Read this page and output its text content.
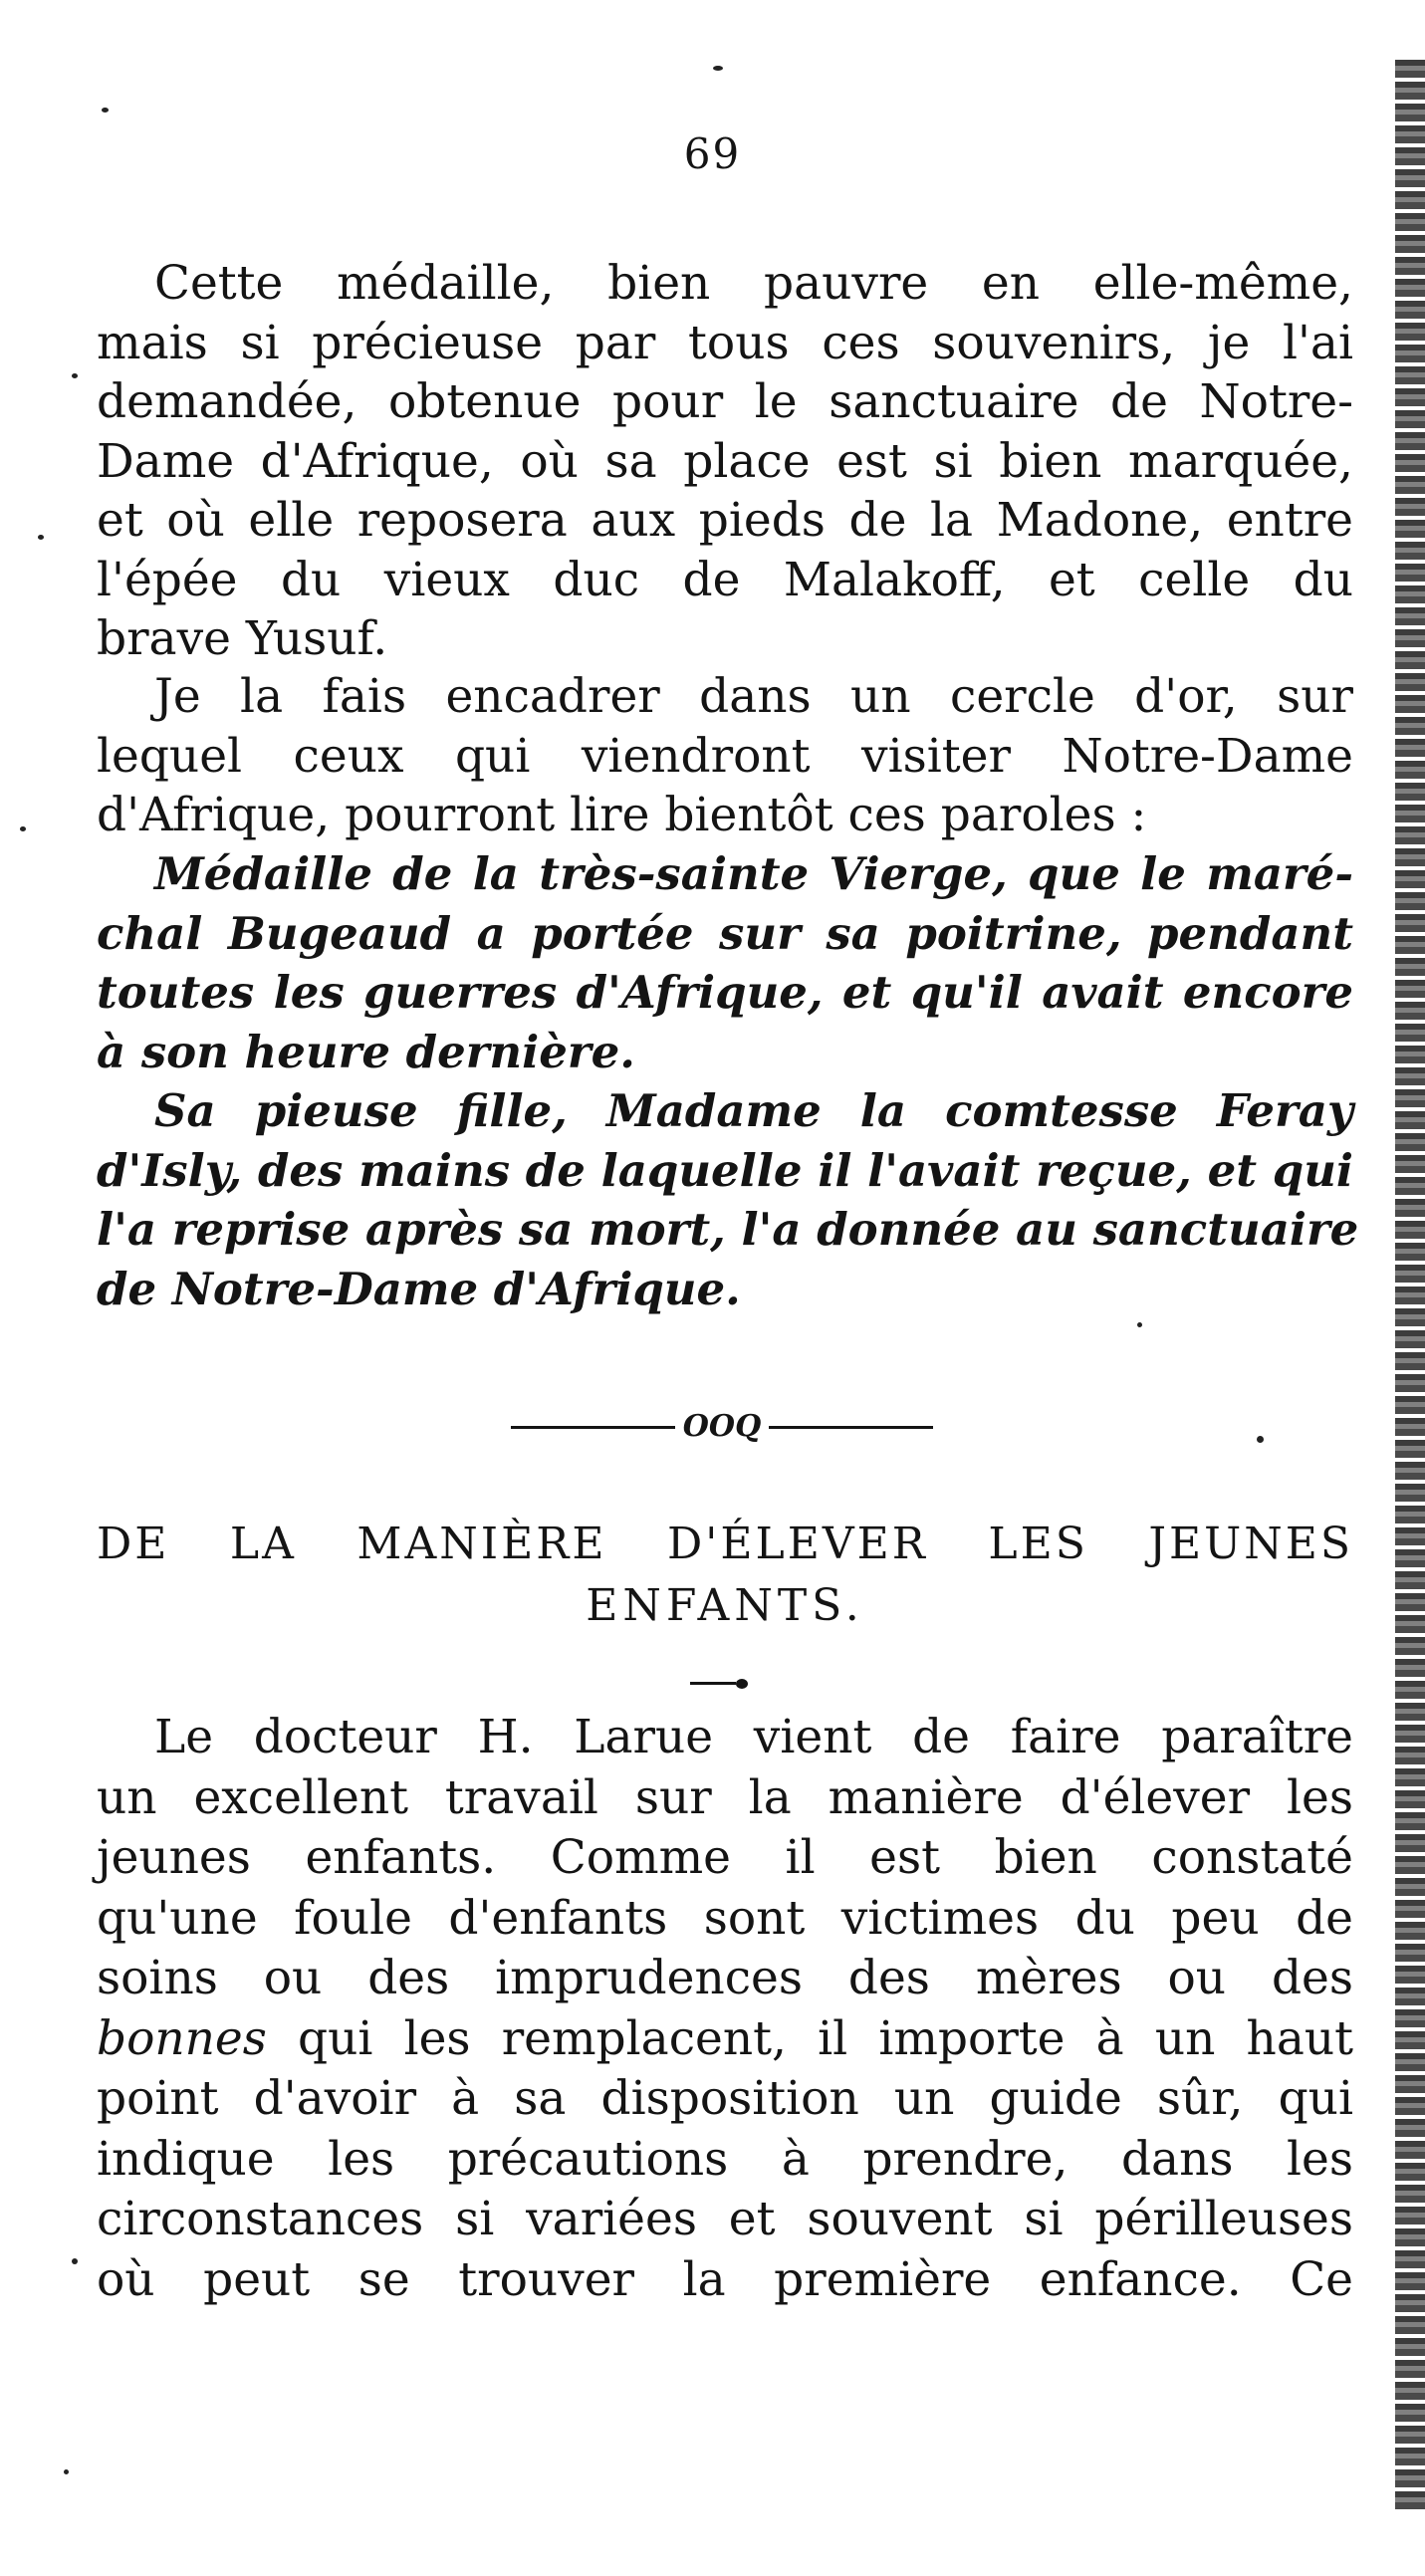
69
Cette médaille, bien pauvre en elle-même,
mais si précieuse par tous ces souvenirs, je l'ai
demandée, obtenue pour le sanctuaire de Notre-
Dame d'Afrique, où sa place est si bien marquée,
et où elle reposera aux pieds de la Madone, entre
l'épée du vieux duc de Malakoff, et celle du
brave Yusuf.
Je la fais encadrer dans un cercle d'or, sur
lequel ceux qui viendront visiter Notre-Dame
d'Afrique, pourront lire bientôt ces paroles :
Médaille de la très-sainte Vierge, que le maré-
chal Bugeaud a portée sur sa poitrine, pendant
toutes les guerres d'Afrique, et qu'il avait encore
à son heure dernière.
Sa pieuse fille, Madame la comtesse Feray
d'Isly, des mains de laquelle il l'avait reçue, et qui
l'a reprise après sa mort, l'a donnée au sanctuaire
de Notre-Dame d'Afrique.
OOQ
DE LA MANIÈRE D'ÉLEVER LES JEUNES
ENFANTS.
Le docteur H. Larue vient de faire paraître
un excellent travail sur la manière d'élever les
jeunes enfants. Comme il est bien constaté
qu'une foule d'enfants sont victimes du peu de
soins ou des imprudences des mères ou des
bonnes qui les remplacent, il importe à un haut
point d'avoir à sa disposition un guide sûr, qui
indique les précautions à prendre, dans les
circonstances si variées et souvent si périlleuses
où peut se trouver la première enfance. Ce
